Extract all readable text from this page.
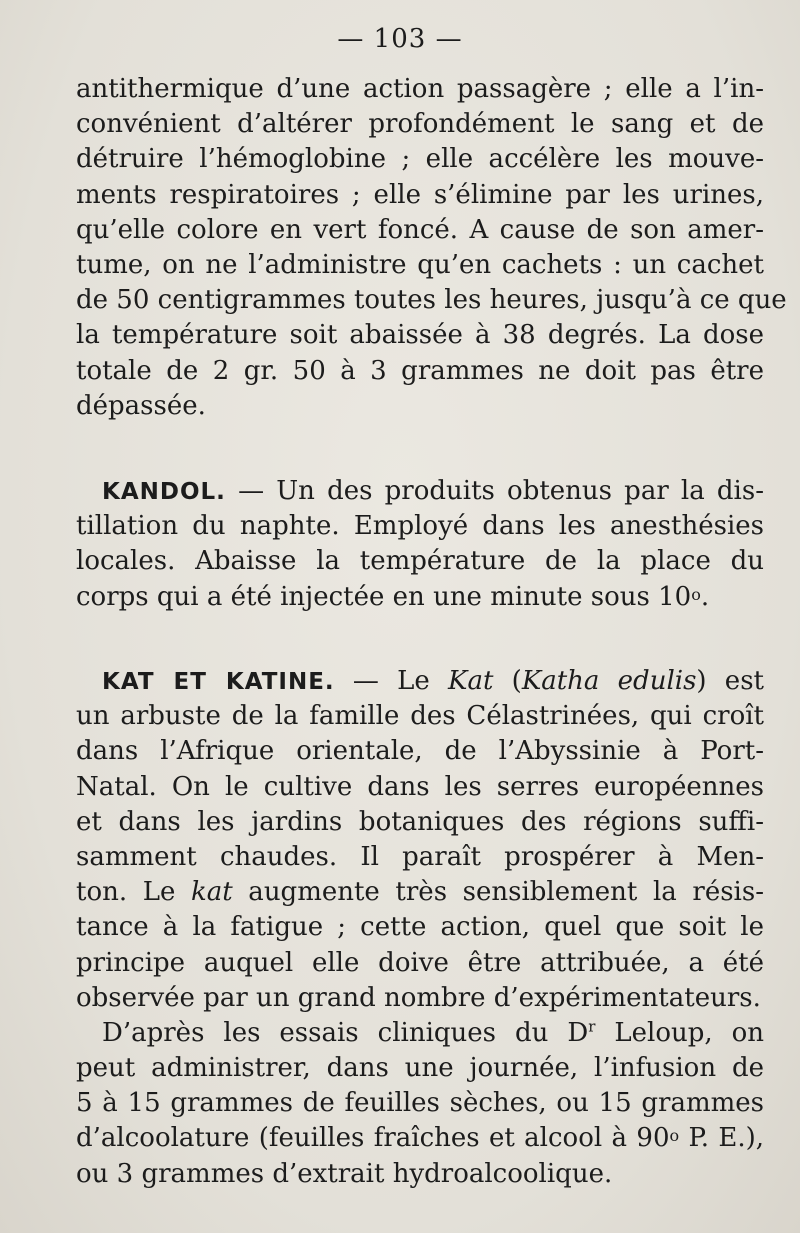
— 103 —
antithermique d’une action passagère ; elle a l’in-
convénient d’altérer profondément le sang et de
détruire l’hémoglobine ; elle accélère les mouve-
ments respiratoires ; elle s’élimine par les urines,
qu’elle colore en vert foncé. A cause de son amer-
tume, on ne l’administre qu’en cachets : un cachet
de 50 centigrammes toutes les heures, jusqu’à ce que
la température soit abaissée à 38 degrés. La dose
totale de 2 gr. 50 à 3 grammes ne doit pas être
dépassée.
KANDOL. — Un des produits obtenus par la dis-
tillation du naphte. Employé dans les anesthésies
locales. Abaisse la température de la place du
corps qui a été injectée en une minute sous 10o.
KAT ET KATINE. — Le Kat (Katha edulis) est
un arbuste de la famille des Célastrinées, qui croît
dans l’Afrique orientale, de l’Abyssinie à Port-
Natal. On le cultive dans les serres européennes
et dans les jardins botaniques des régions suffi-
samment chaudes. Il paraît prospérer à Men-
ton. Le kat augmente très sensiblement la résis-
tance à la fatigue ; cette action, quel que soit le
principe auquel elle doive être attribuée, a été
observée par un grand nombre d’expérimentateurs.
D’après les essais cliniques du $D^r$ Leloup, on
peut administrer, dans une journée, l’infusion de
5 à 15 grammes de feuilles sèches, ou 15 grammes
d’alcoolature (feuilles fraîches et alcool à 90o P. E.),
ou 3 grammes d’extrait hydroalcoolique.
